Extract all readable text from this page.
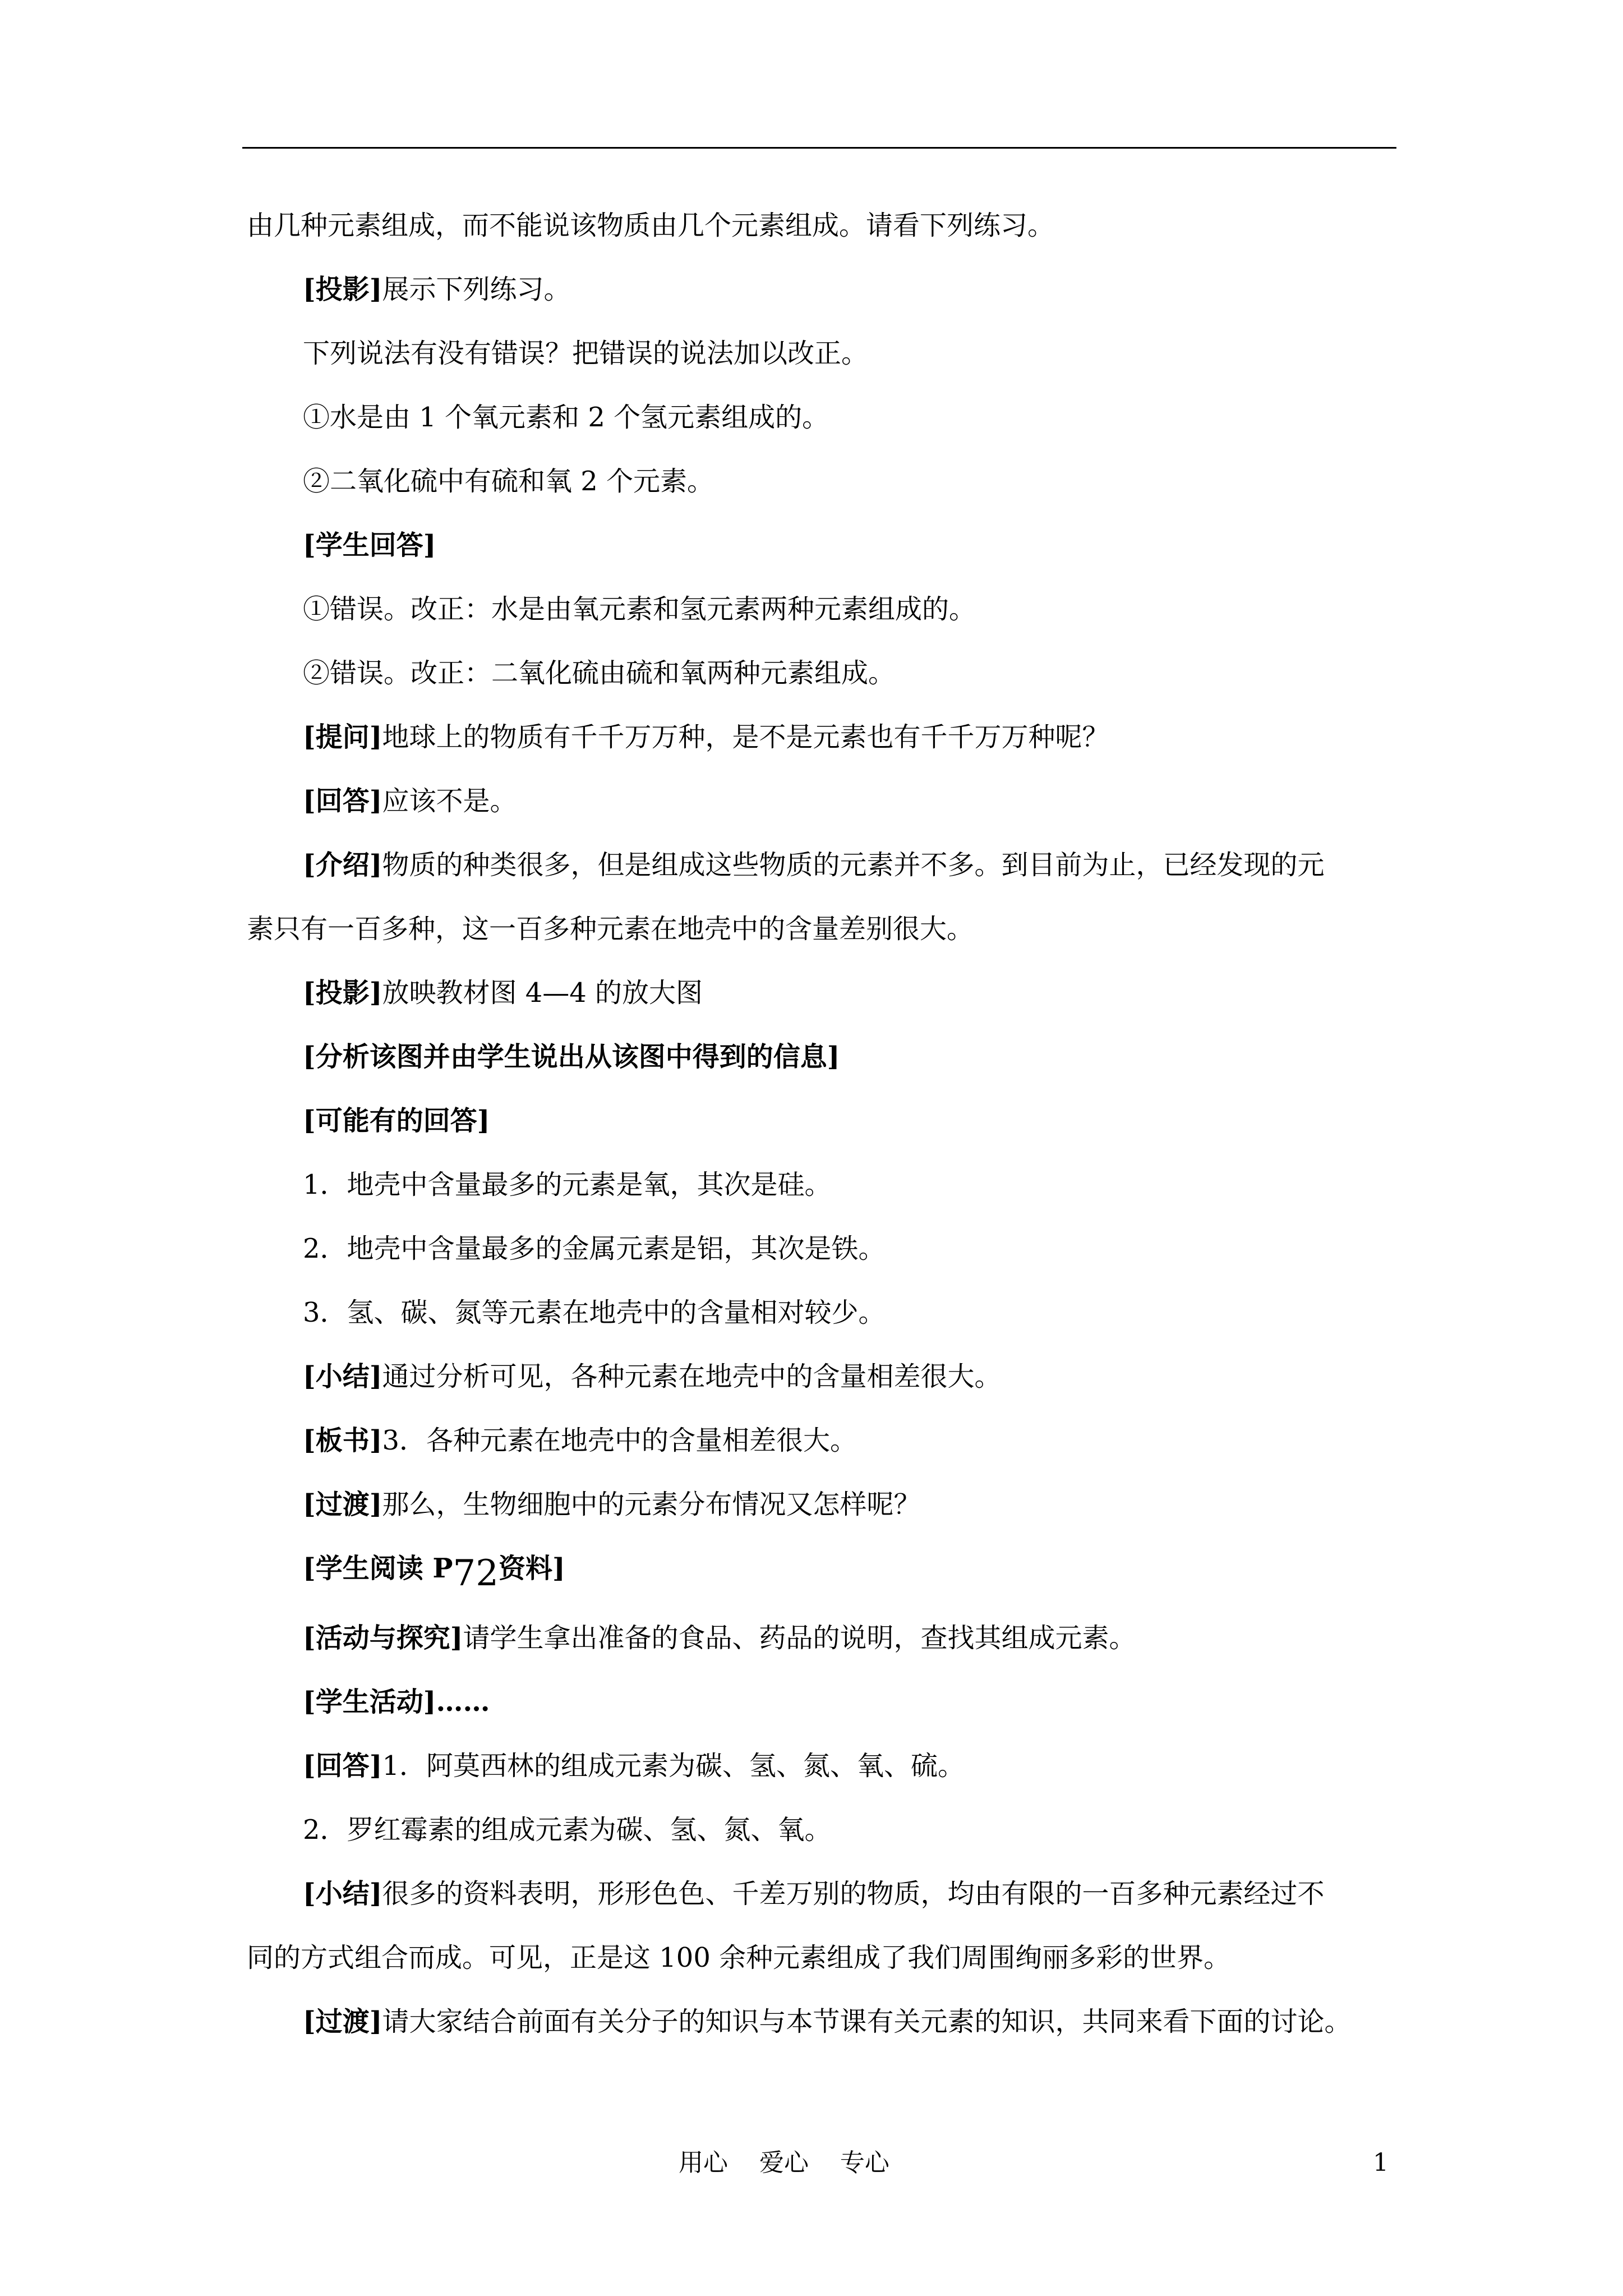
由几种元素组成，而不能说该物质由几个元素组成。请看下列练习。
[投影]展示下列练习。
下列说法有没有错误？把错误的说法加以改正。
①水是由 1 个氧元素和 2 个氢元素组成的。
②二氧化硫中有硫和氧 2 个元素。
[学生回答]
①错误。改正：水是由氧元素和氢元素两种元素组成的。
②错误。改正：二氧化硫由硫和氧两种元素组成。
[提问]地球上的物质有千千万万种，是不是元素也有千千万万种呢？
[回答]应该不是。
[介绍]物质的种类很多，但是组成这些物质的元素并不多。到目前为止，已经发现的元
素只有一百多种，这一百多种元素在地壳中的含量差别很大。
[投影]放映教材图 4—4 的放大图
[分析该图并由学生说出从该图中得到的信息]
[可能有的回答]
1．地壳中含量最多的元素是氧，其次是硅。
2．地壳中含量最多的金属元素是铝，其次是铁。
3．氢、碳、氮等元素在地壳中的含量相对较少。
[小结]通过分析可见，各种元素在地壳中的含量相差很大。
[板书]3．各种元素在地壳中的含量相差很大。
[过渡]那么，生物细胞中的元素分布情况又怎样呢？
[学生阅读 P72资料]
[活动与探究]请学生拿出准备的食品、药品的说明，查找其组成元素。
[学生活动]……
[回答]1．阿莫西林的组成元素为碳、氢、氮、氧、硫。
2．罗红霉素的组成元素为碳、氢、氮、氧。
[小结]很多的资料表明，形形色色、千差万别的物质，均由有限的一百多种元素经过不
同的方式组合而成。可见，正是这 100 余种元素组成了我们周围绚丽多彩的世界。
[过渡]请大家结合前面有关分子的知识与本节课有关元素的知识，共同来看下面的讨论。
用心    爱心    专心	1
